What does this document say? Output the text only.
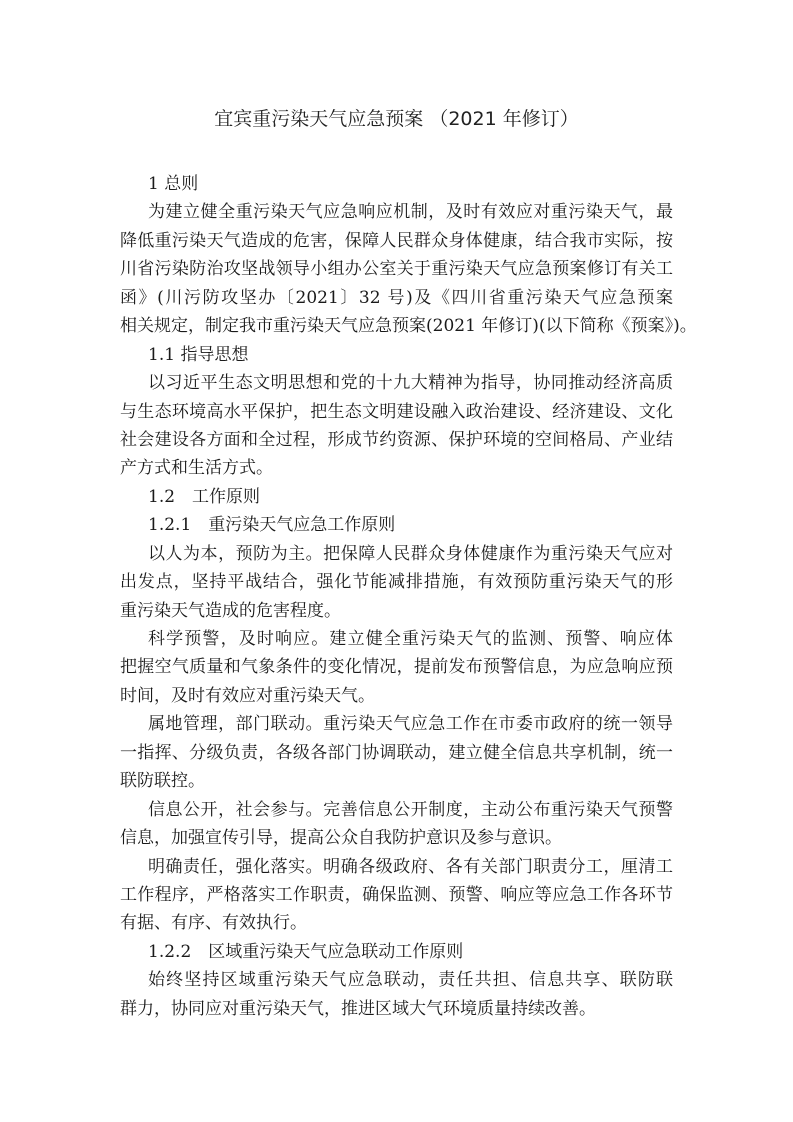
宜宾重污染天气应急预案 （2021 年修订）
1 总则
为建立健全重污染天气应急响应机制，及时有效应对重污染天气，最
降低重污染天气造成的危害，保障人民群众身体健康，结合我市实际，按
川省污染防治攻坚战领导小组办公室关于重污染天气应急预案修订有关工
函》(川污防攻坚办〔2021〕32 号)及《四川省重污染天气应急预案
相关规定，制定我市重污染天气应急预案(2021 年修订)(以下简称《预案》)。
1.1 指导思想
以习近平生态文明思想和党的十九大精神为指导，协同推动经济高质
与生态环境高水平保护，把生态文明建设融入政治建设、经济建设、文化
社会建设各方面和全过程，形成节约资源、保护环境的空间格局、产业结
产方式和生活方式。
1.2　工作原则
1.2.1　重污染天气应急工作原则
以人为本，预防为主。把保障人民群众身体健康作为重污染天气应对
出发点，坚持平战结合，强化节能减排措施，有效预防重污染天气的形
重污染天气造成的危害程度。
科学预警，及时响应。建立健全重污染天气的监测、预警、响应体
把握空气质量和气象条件的变化情况，提前发布预警信息，为应急响应预
时间，及时有效应对重污染天气。
属地管理，部门联动。重污染天气应急工作在市委市政府的统一领导
一指挥、分级负责，各级各部门协调联动，建立健全信息共享机制，统一
联防联控。
信息公开，社会参与。完善信息公开制度，主动公布重污染天气预警
信息，加强宣传引导，提高公众自我防护意识及参与意识。
明确责任，强化落实。明确各级政府、各有关部门职责分工，厘清工
工作程序，严格落实工作职责，确保监测、预警、响应等应急工作各环节
有据、有序、有效执行。
1.2.2　区域重污染天气应急联动工作原则
始终坚持区域重污染天气应急联动，责任共担、信息共享、联防联
群力，协同应对重污染天气，推进区域大气环境质量持续改善。
